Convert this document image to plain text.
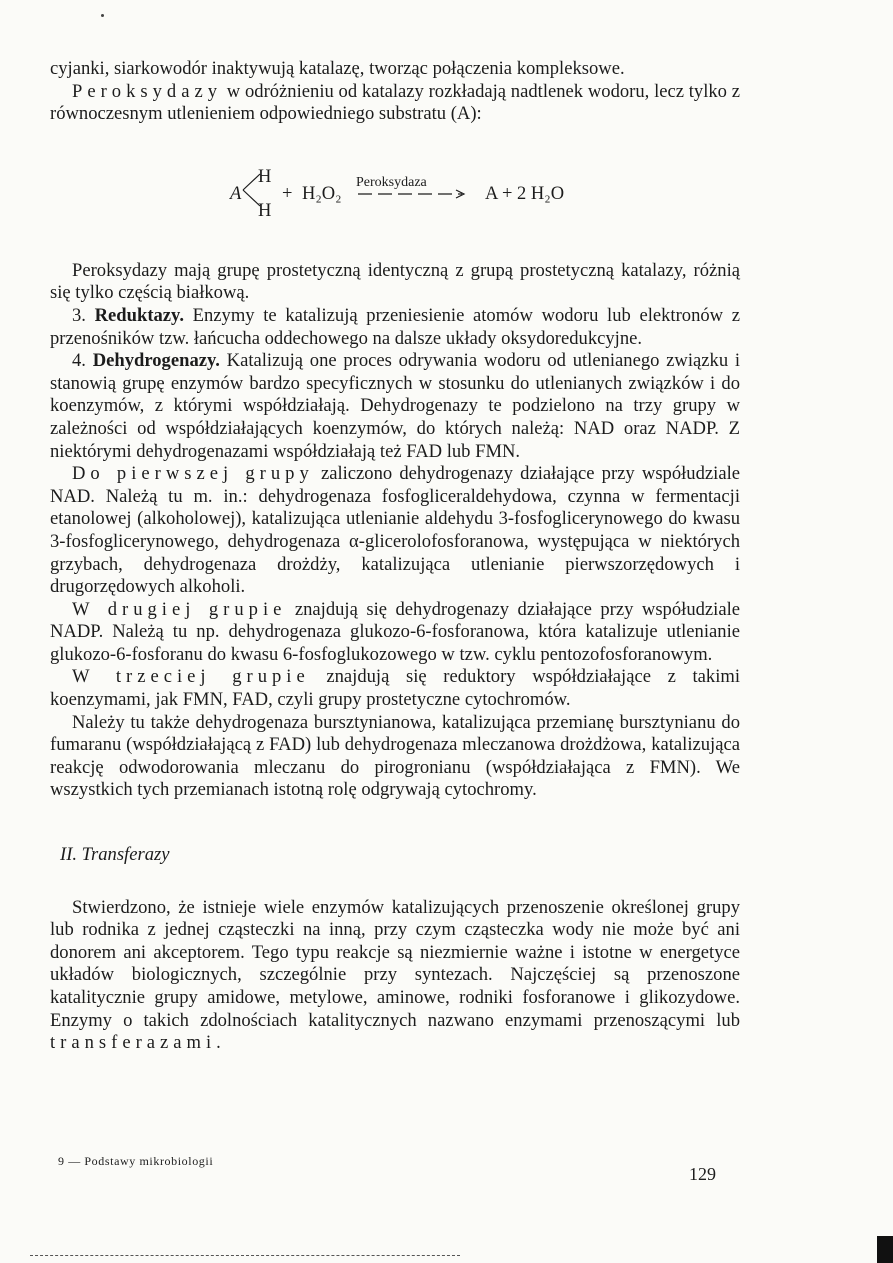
cyjanki, siarkowodór inaktywują katalazę, tworząc połączenia kompleksowe.

Peroksydazy w odróżnieniu od katalazy rozkładają nadtlenek wodoru, lecz tylko z równoczesnym utlenieniem odpowiedniego substratu (A):

A
H
H
+ H₂O₂
Peroksydaza
A + 2 H₂O

Peroksydazy mają grupę prostetyczną identyczną z grupą prostetyczną katalazy, różnią się tylko częścią białkową.

3. Reduktazy. Enzymy te katalizują przeniesienie atomów wodoru lub elektronów z przenośników tzw. łańcucha oddechowego na dalsze układy oksydoredukcyjne.

4. Dehydrogenazy. Katalizują one proces odrywania wodoru od utlenianego związku i stanowią grupę enzymów bardzo specyficznych w stosunku do utlenianych związków i do koenzymów, z którymi współdziałają. Dehydrogenazy te podzielono na trzy grupy w zależności od współdziałających koenzymów, do których należą: NAD oraz NADP. Z niektórymi dehydrogenazami współdziałają też FAD lub FMN.

Do pierwszej grupy zaliczono dehydrogenazy działające przy współudziale NAD. Należą tu m. in.: dehydrogenaza fosfogliceraldehydowa, czynna w fermentacji etanolowej (alkoholowej), katalizująca utlenianie aldehydu 3-fosfoglicerynowego do kwasu 3-fosfoglicerynowego, dehydrogenaza α-glicerolofosforanowa, występująca w niektórych grzybach, dehydrogenaza drożdży, katalizująca utlenianie pierwszorzędowych i drugorzędowych alkoholi.

W drugiej grupie znajdują się dehydrogenazy działające przy współudziale NADP. Należą tu np. dehydrogenaza glukozo-6-fosforanowa, która katalizuje utlenianie glukozo-6-fosforanu do kwasu 6-fosfoglukozowego w tzw. cyklu pentozofosforanowym.

W trzeciej grupie znajdują się reduktory współdziałające z takimi koenzymami, jak FMN, FAD, czyli grupy prostetyczne cytochromów.

Należy tu także dehydrogenaza bursztynianowa, katalizująca przemianę bursztynianu do fumaranu (współdziałającą z FAD) lub dehydrogenaza mleczanowa drożdżowa, katalizująca reakcję odwodorowania mleczanu do pirogronianu (współdziałająca z FMN). We wszystkich tych przemianach istotną rolę odgrywają cytochromy.

II. Transferazy

Stwierdzono, że istnieje wiele enzymów katalizujących przenoszenie określonej grupy lub rodnika z jednej cząsteczki na inną, przy czym cząsteczka wody nie może być ani donorem ani akceptorem. Tego typu reakcje są niezmiernie ważne i istotne w energetyce układów biologicznych, szczególnie przy syntezach. Najczęściej są przenoszone katalitycznie grupy amidowe, metylowe, aminowe, rodniki fosforanowe i glikozydowe. Enzymy o takich zdolnościach katalitycznych nazwano enzymami przenoszącymi lub transferazami.

9 — Podstawy mikrobiologii
129
